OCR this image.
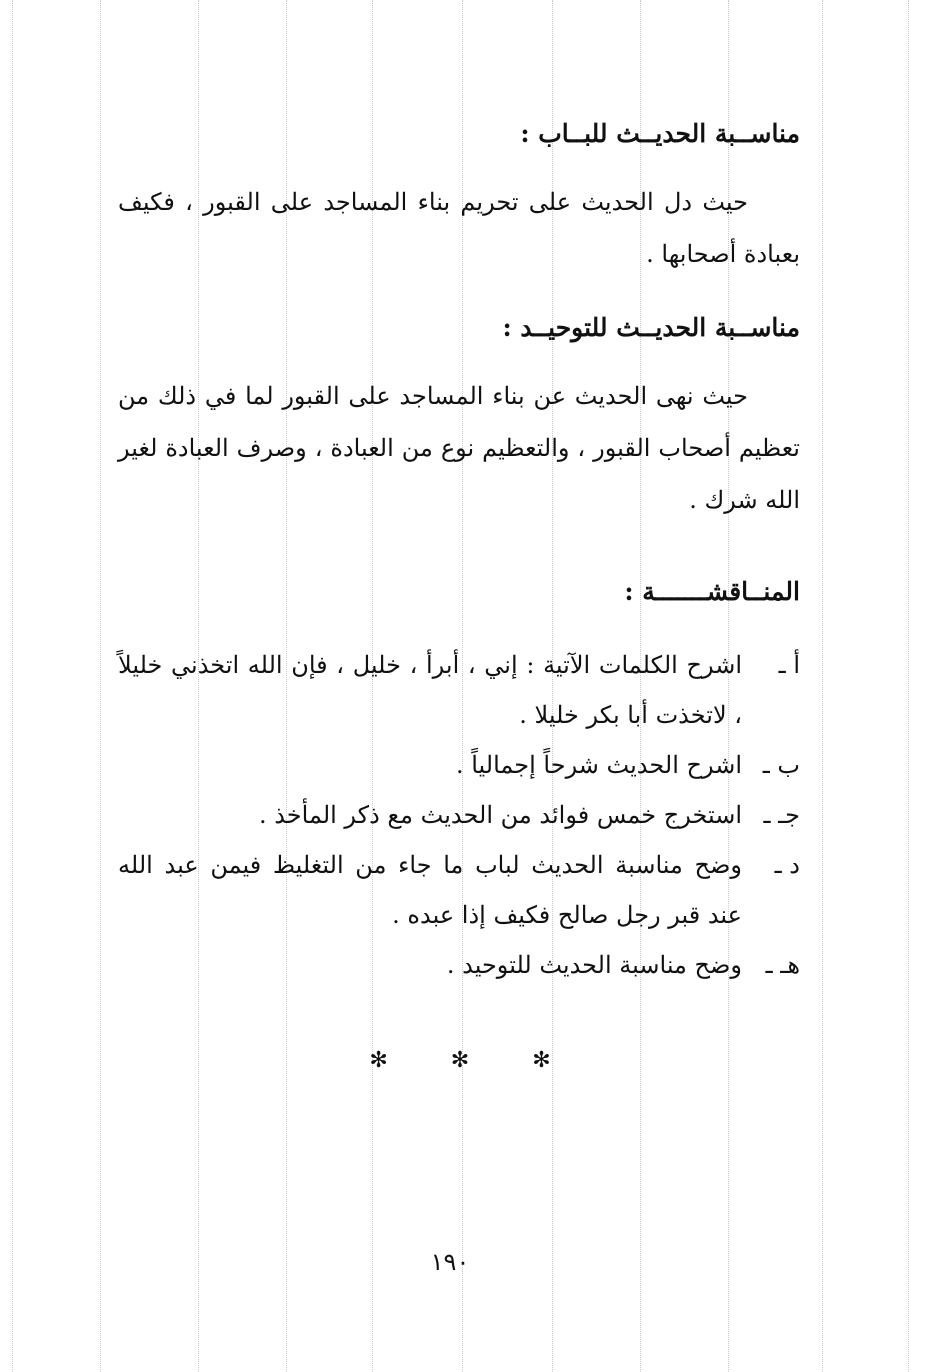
مناســبة الحديــث للبــاب :

حيث دل الحديث على تحريم بناء المساجد على القبور ، فكيف بعبادة أصحابها .

مناســبة الحديــث للتوحيــد :

حيث نهى الحديث عن بناء المساجد على القبور لما في ذلك من تعظيم أصحاب القبور ، والتعظيم نوع من العبادة ، وصرف العبادة لغير الله شرك .

المنــاقشـــــــة :
أ ـ
اشرح الكلمات الآتية : إني ، أبرأ ، خليل ، فإن الله اتخذني خليلاً ، لاتخذت أبا بكر خليلا .
ب ـ
اشرح الحديث شرحاً إجمالياً .
جـ ـ
استخرج خمس فوائد من الحديث مع ذكر المأخذ .
د ـ
وضح مناسبة الحديث لباب ما جاء من التغليظ فيمن عبد الله عند قبر رجل صالح فكيف إذا عبده .
هـ ـ
وضح مناسبة الحديث للتوحيد .
✻ ✻ ✻
١٩٠
